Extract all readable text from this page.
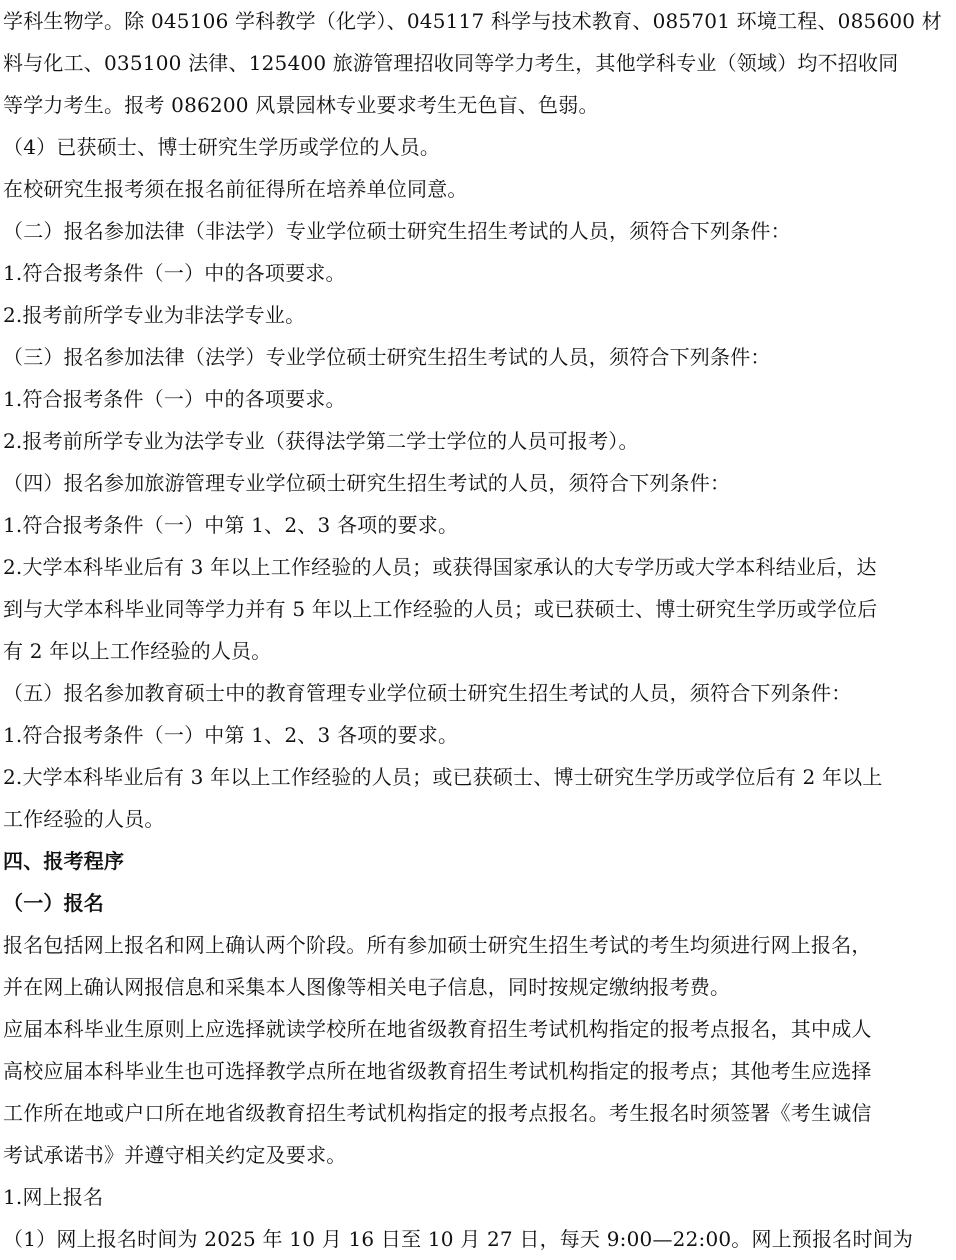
学科生物学。除 045106 学科教学（化学）、045117 科学与技术教育、085701 环境工程、085600 材
料与化工、035100 法律、125400 旅游管理招收同等学力考生，其他学科专业（领域）均不招收同
等学力考生。报考 086200 风景园林专业要求考生无色盲、色弱。
（4）已获硕士、博士研究生学历或学位的人员。
在校研究生报考须在报名前征得所在培养单位同意。
（二）报名参加法律（非法学）专业学位硕士研究生招生考试的人员，须符合下列条件：
1.符合报考条件（一）中的各项要求。
2.报考前所学专业为非法学专业。
（三）报名参加法律（法学）专业学位硕士研究生招生考试的人员，须符合下列条件：
1.符合报考条件（一）中的各项要求。
2.报考前所学专业为法学专业（获得法学第二学士学位的人员可报考）。
（四）报名参加旅游管理专业学位硕士研究生招生考试的人员，须符合下列条件：
1.符合报考条件（一）中第 1、2、3 各项的要求。
2.大学本科毕业后有 3 年以上工作经验的人员；或获得国家承认的大专学历或大学本科结业后，达
到与大学本科毕业同等学力并有 5 年以上工作经验的人员；或已获硕士、博士研究生学历或学位后
有 2 年以上工作经验的人员。
（五）报名参加教育硕士中的教育管理专业学位硕士研究生招生考试的人员，须符合下列条件：
1.符合报考条件（一）中第 1、2、3 各项的要求。
2.大学本科毕业后有 3 年以上工作经验的人员；或已获硕士、博士研究生学历或学位后有 2 年以上
工作经验的人员。
四、报考程序
（一）报名
报名包括网上报名和网上确认两个阶段。所有参加硕士研究生招生考试的考生均须进行网上报名，
并在网上确认网报信息和采集本人图像等相关电子信息，同时按规定缴纳报考费。
应届本科毕业生原则上应选择就读学校所在地省级教育招生考试机构指定的报考点报名，其中成人
高校应届本科毕业生也可选择教学点所在地省级教育招生考试机构指定的报考点；其他考生应选择
工作所在地或户口所在地省级教育招生考试机构指定的报考点报名。考生报名时须签署《考生诚信
考试承诺书》并遵守相关约定及要求。
1.网上报名
（1）网上报名时间为 2025 年 10 月 16 日至 10 月 27 日，每天 9:00—22:00。网上预报名时间为
